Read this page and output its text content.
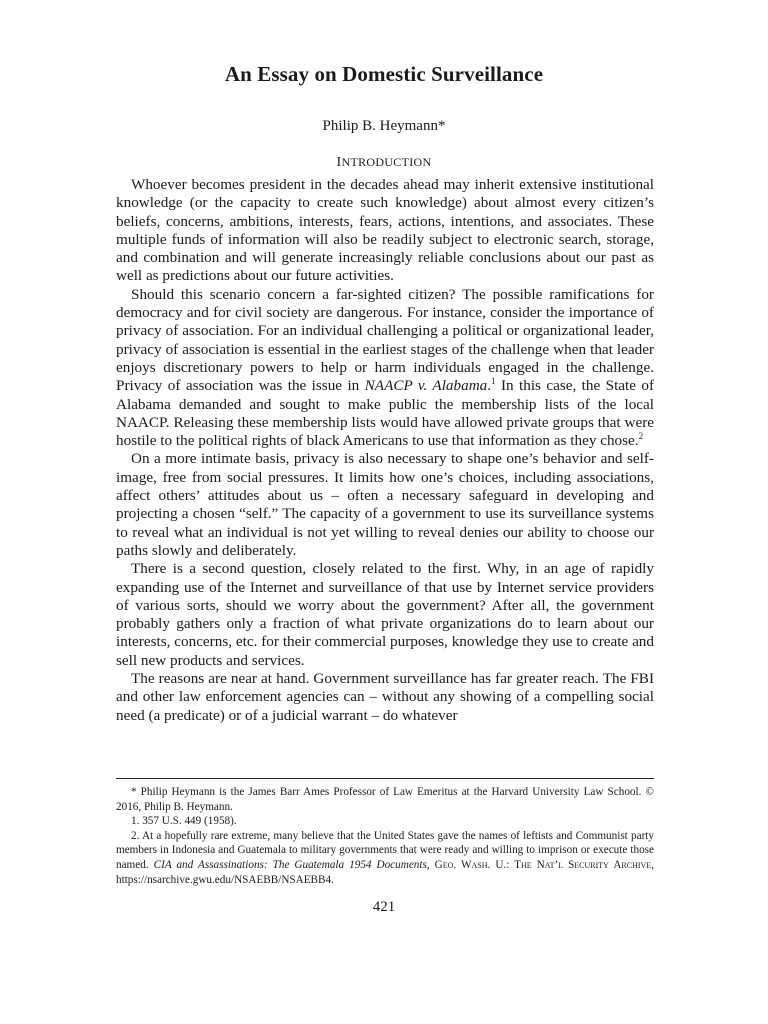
An Essay on Domestic Surveillance
Philip B. Heymann*
INTRODUCTION

Whoever becomes president in the decades ahead may inherit extensive institutional knowledge (or the capacity to create such knowledge) about almost every citizen’s beliefs, concerns, ambitions, interests, fears, actions, intentions, and associates. These multiple funds of information will also be readily subject to electronic search, storage, and combination and will generate increasingly reliable conclusions about our past as well as predictions about our future activities.

Should this scenario concern a far-sighted citizen? The possible ramifications for democracy and for civil society are dangerous. For instance, consider the importance of privacy of association. For an individual challenging a political or organizational leader, privacy of association is essential in the earliest stages of the challenge when that leader enjoys discretionary powers to help or harm individuals engaged in the challenge. Privacy of association was the issue in NAACP v. Alabama.$^1$ In this case, the State of Alabama demanded and sought to make public the membership lists of the local NAACP. Releasing these membership lists would have allowed private groups that were hostile to the political rights of black Americans to use that information as they chose.$^2$

On a more intimate basis, privacy is also necessary to shape one’s behavior and self-image, free from social pressures. It limits how one’s choices, including associations, affect others’ attitudes about us – often a necessary safeguard in developing and projecting a chosen “self.” The capacity of a government to use its surveillance systems to reveal what an individual is not yet willing to reveal denies our ability to choose our paths slowly and deliberately.

There is a second question, closely related to the first. Why, in an age of rapidly expanding use of the Internet and surveillance of that use by Internet service providers of various sorts, should we worry about the government? After all, the government probably gathers only a fraction of what private organizations do to learn about our interests, concerns, etc. for their commercial purposes, knowledge they use to create and sell new products and services.

The reasons are near at hand. Government surveillance has far greater reach. The FBI and other law enforcement agencies can – without any showing of a compelling social need (a predicate) or of a judicial warrant – do whatever

* Philip Heymann is the James Barr Ames Professor of Law Emeritus at the Harvard University Law School. © 2016, Philip B. Heymann.

1. 357 U.S. 449 (1958).

2. At a hopefully rare extreme, many believe that the United States gave the names of leftists and Communist party members in Indonesia and Guatemala to military governments that were ready and willing to imprison or execute those named. CIA and Assassinations: The Guatemala 1954 Documents, Geo. Wash. U.: The Nat’l Security Archive, https://nsarchive.gwu.edu/NSAEBB/NSAEBB4.

421
